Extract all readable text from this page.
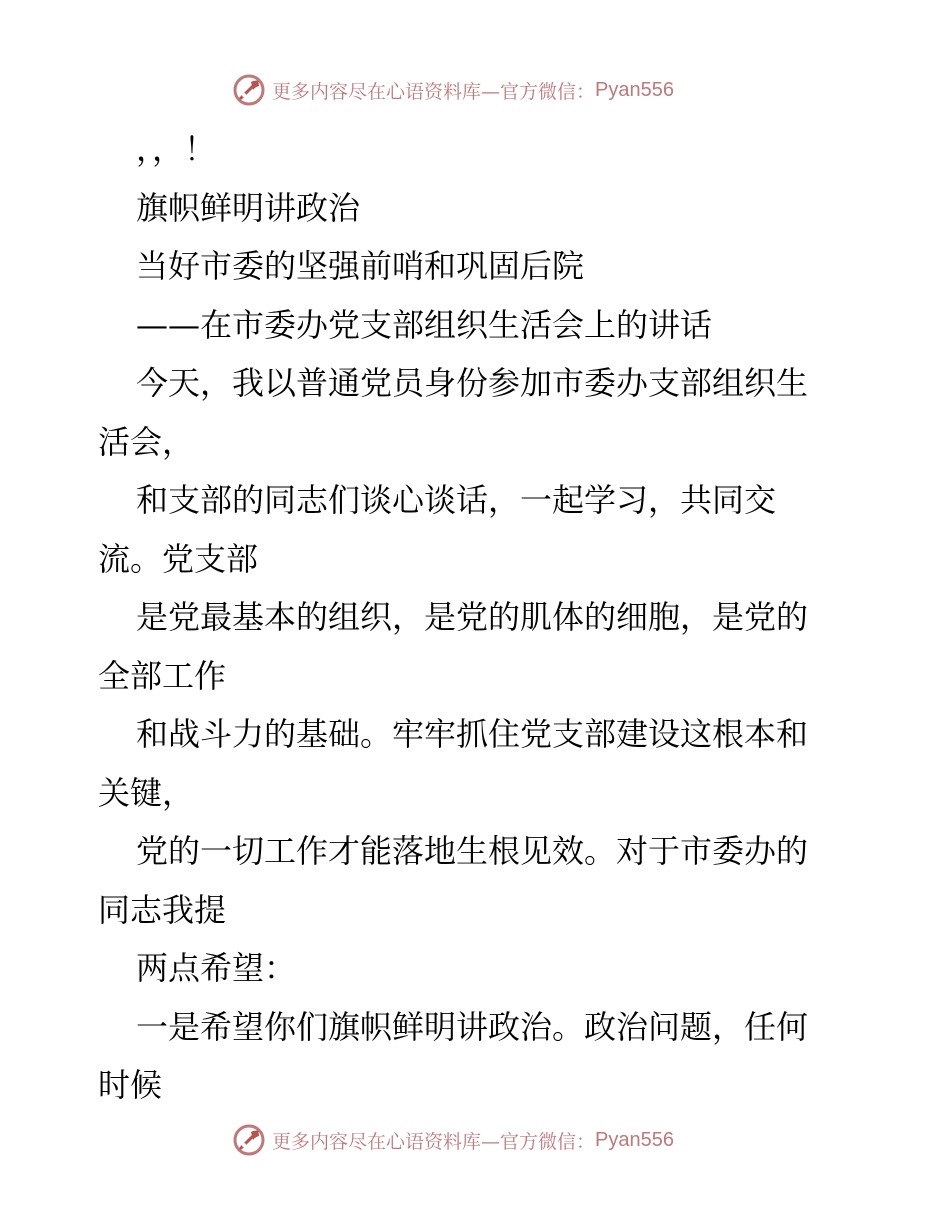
更多内容尽在心语资料库—官方微信： Pyan556

，，！

旗帜鲜明讲政治

当好市委的坚强前哨和巩固后院

——在市委办党支部组织生活会上的讲话

今天，我以普通党员身份参加市委办支部组织生

活会，

和支部的同志们谈心谈话，一起学习，共同交

流。党支部

是党最基本的组织，是党的肌体的细胞，是党的

全部工作

和战斗力的基础。牢牢抓住党支部建设这根本和

关键，

党的一切工作才能落地生根见效。对于市委办的

同志我提

两点希望：

一是希望你们旗帜鲜明讲政治。政治问题，任何

时候

更多内容尽在心语资料库—官方微信： Pyan556
